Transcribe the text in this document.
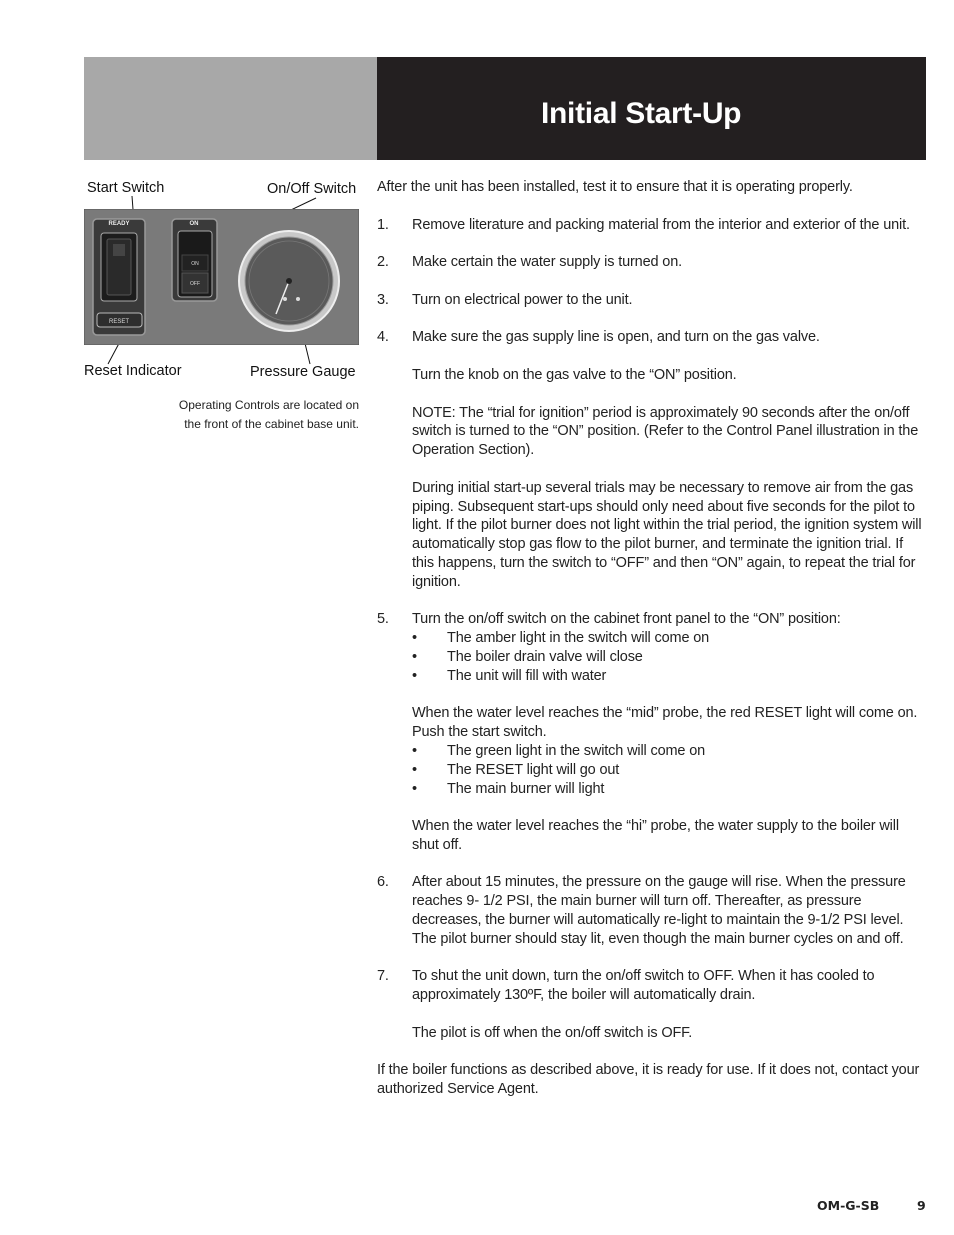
Initial Start-Up
Start Switch	On/Off Switch
Reset Indicator	Pressure Gauge
READY
RESET
ON
ON
OFF
Operating Controls are located on
the front of the cabinet base unit.

After the unit has been installed, test it to ensure that it is operating properly.

1. Remove literature and packing material from the interior and exterior of the unit.

2. Make certain the water supply is turned on.

3. Turn on electrical power to the unit.

4. Make sure the gas supply line is open, and turn on the gas valve.

Turn the knob on the gas valve to the “ON” position.

NOTE: The “trial for ignition” period is approximately 90 seconds after the on/off switch is turned to the “ON” position. (Refer to the Control Panel illustration in the Operation Section).

During initial start-up several trials may be necessary to remove air from the gas piping. Subsequent start-ups should only need about five seconds for the pilot to light. If the pilot burner does not light within the trial period, the ignition system will automatically stop gas flow to the pilot burner, and terminate the ignition trial. If this happens, turn the switch to “OFF” and then “ON” again, to repeat the trial for ignition.

5. Turn the on/off switch on the cabinet front panel to the “ON” position:

• The amber light in the switch will come on
• The boiler drain valve will close
• The unit will fill with water

When the water level reaches the “mid” probe, the red RESET light will come on. Push the start switch.

• The green light in the switch will come on
• The RESET light will go out
• The main burner will light

When the water level reaches the “hi” probe, the water supply to the boiler will shut off.

6. After about 15 minutes, the pressure on the gauge will rise. When the pressure reaches 9- 1/2 PSI, the main burner will turn off. Thereafter, as pressure decreases, the burner will automatically re-light to maintain the 9-1/2 PSI level. The pilot burner should stay lit, even though the main burner cycles on and off.

7. To shut the unit down, turn the on/off switch to OFF. When it has cooled to approximately 130ºF, the boiler will automatically drain.

The pilot is off when the on/off switch is OFF.

If the boiler functions as described above, it is ready for use. If it does not, contact your authorized Service Agent.

OM-G-SB	9
